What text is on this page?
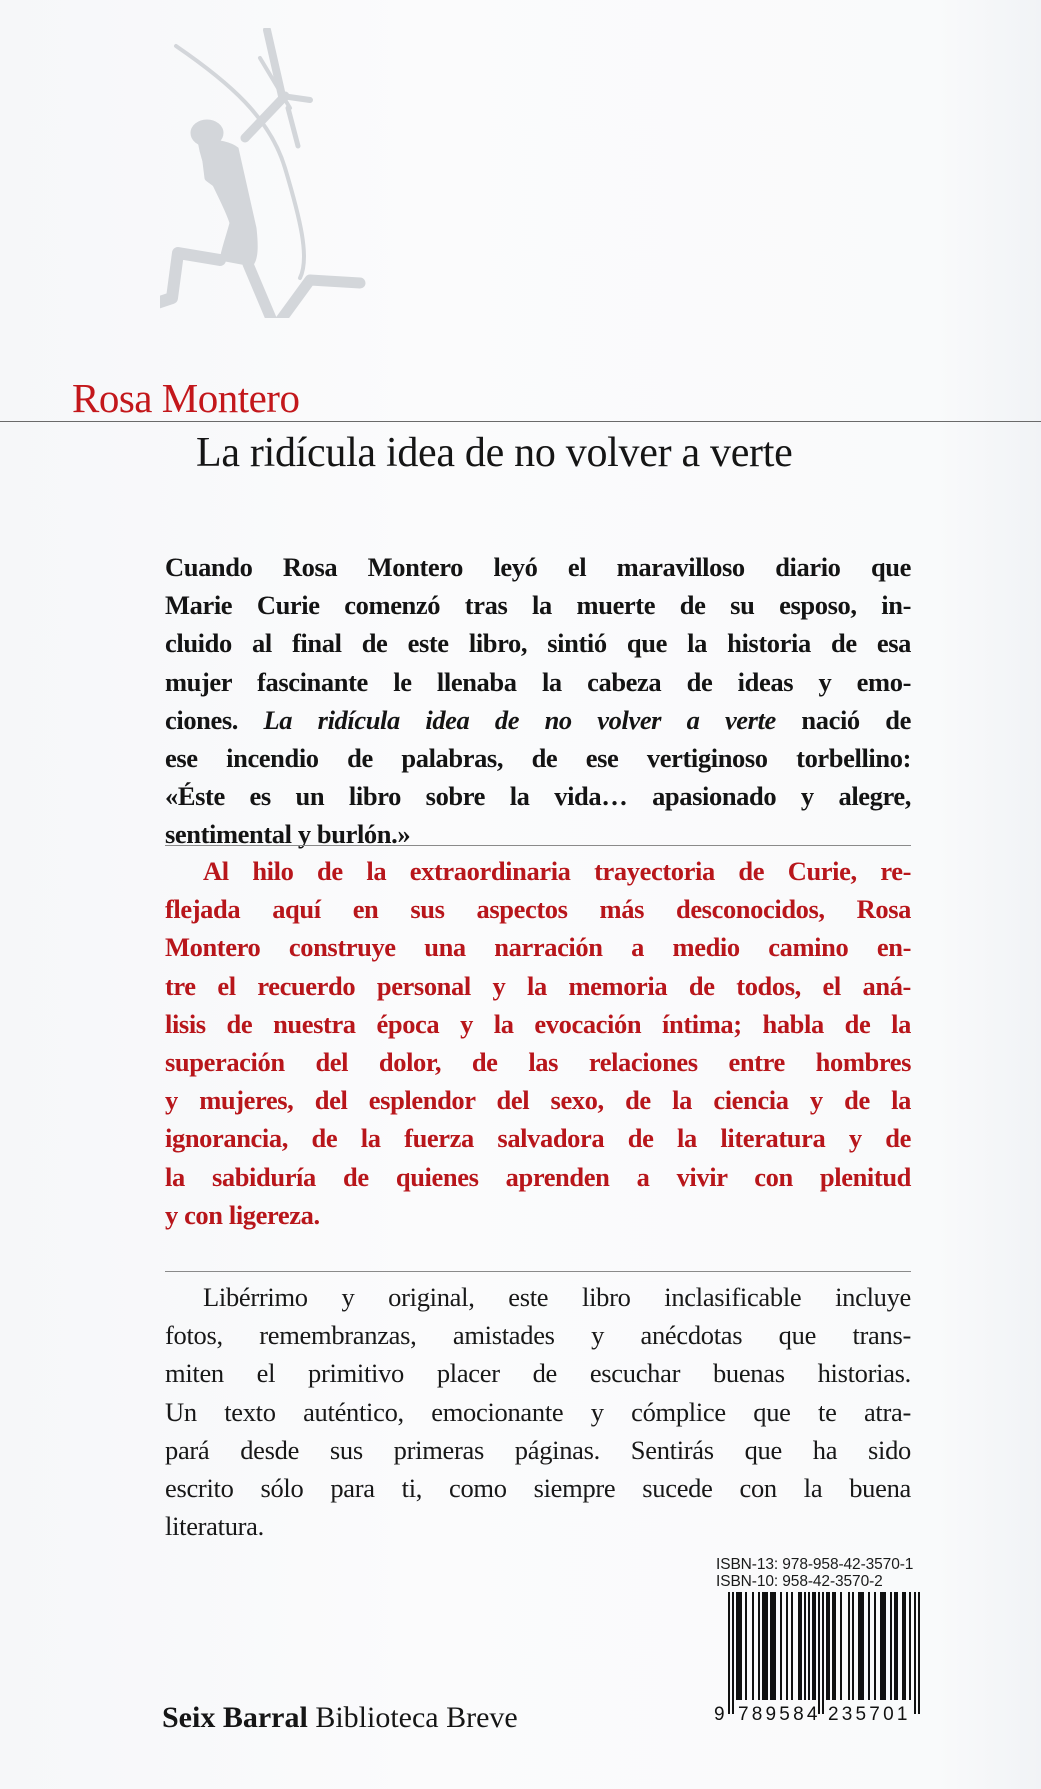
Rosa Montero
La ridícula idea de no volver a verte
Cuando Rosa Montero leyó el maravilloso diario que
Marie Curie comenzó tras la muerte de su esposo, in-
cluido al final de este libro, sintió que la historia de esa
mujer fascinante le llenaba la cabeza de ideas y emo-
ciones. La ridícula idea de no volver a verte nació de
ese incendio de palabras, de ese vertiginoso torbellino:
«Éste es un libro sobre la vida… apasionado y alegre,
sentimental y burlón.»
Al hilo de la extraordinaria trayectoria de Curie, re-
flejada aquí en sus aspectos más desconocidos, Rosa
Montero construye una narración a medio camino en-
tre el recuerdo personal y la memoria de todos, el aná-
lisis de nuestra época y la evocación íntima; habla de la
superación del dolor, de las relaciones entre hombres
y mujeres, del esplendor del sexo, de la ciencia y de la
ignorancia, de la fuerza salvadora de la literatura y de
la sabiduría de quienes aprenden a vivir con plenitud
y con ligereza.
Libérrimo y original, este libro inclasificable incluye
fotos, remembranzas, amistades y anécdotas que trans-
miten el primitivo placer de escuchar buenas historias.
Un texto auténtico, emocionante y cómplice que te atra-
pará desde sus primeras páginas. Sentirás que ha sido
escrito sólo para ti, como siempre sucede con la buena
literatura.
ISBN-13: 978-958-42-3570-1
ISBN-10: 958-42-3570-2
9 789584 235701
Seix Barral Biblioteca Breve
